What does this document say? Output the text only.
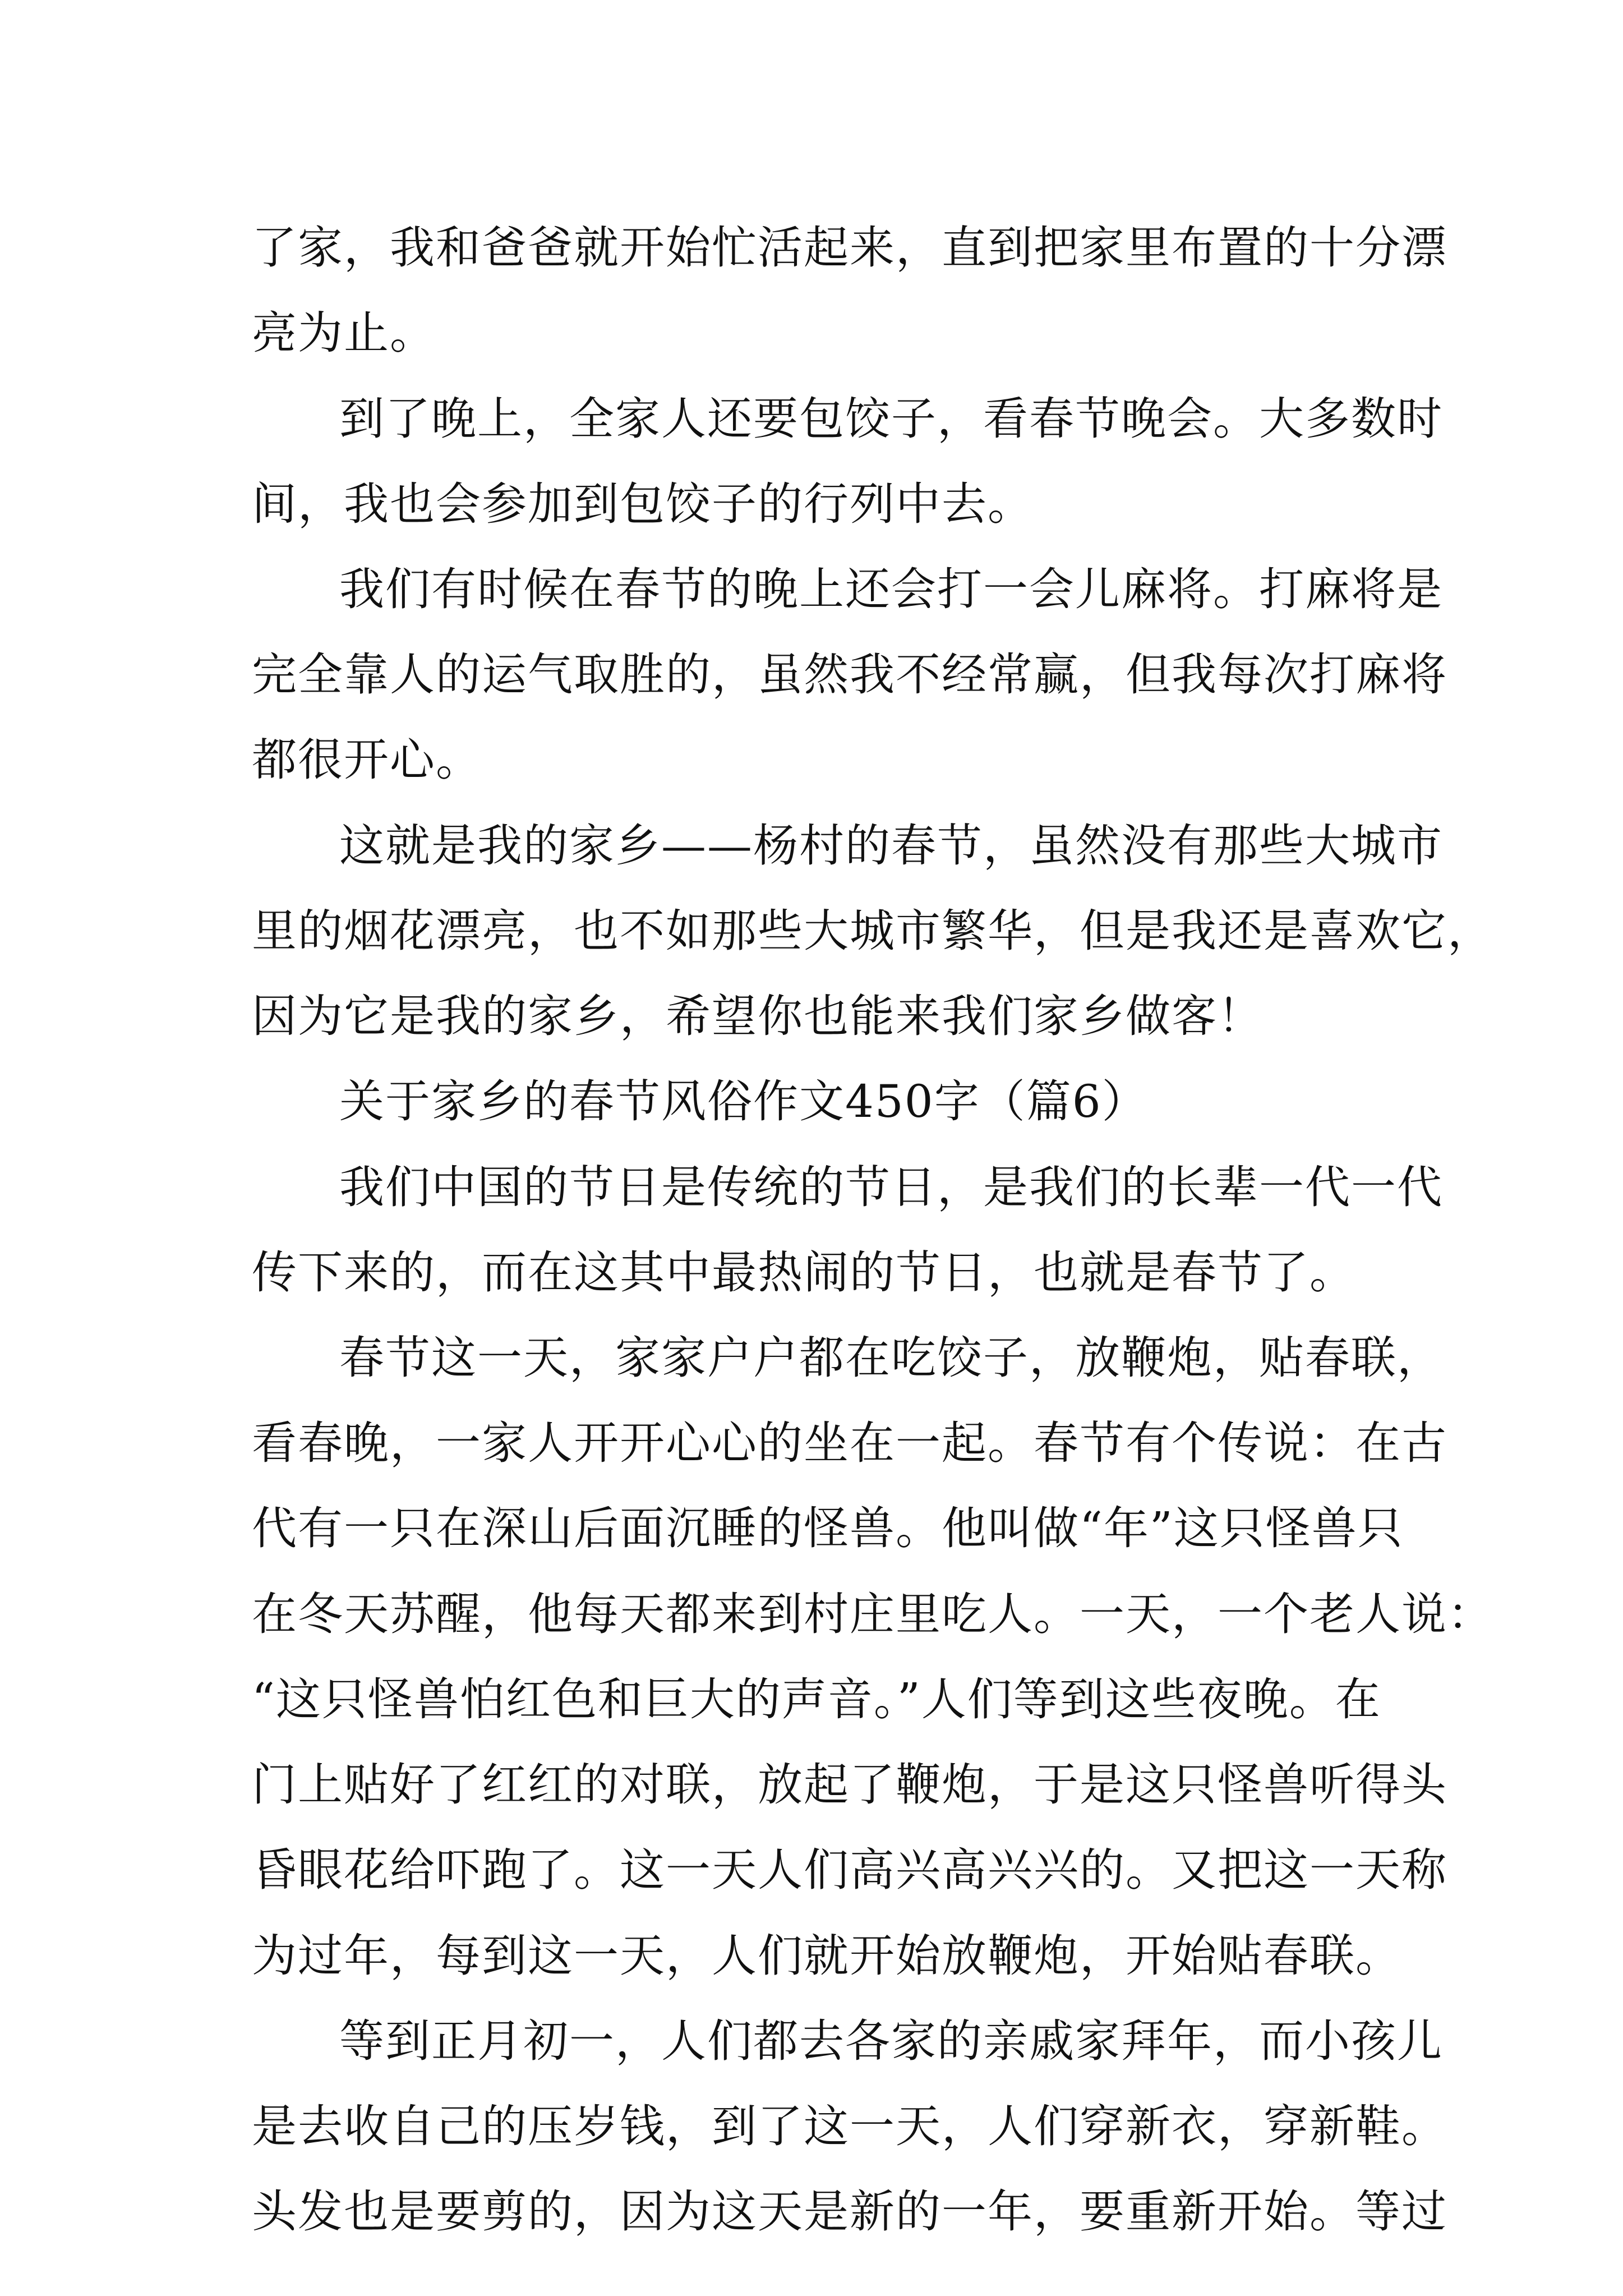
了家，我和爸爸就开始忙活起来，直到把家里布置的十分漂
亮为止。
到了晚上，全家人还要包饺子，看春节晚会。大多数时
间，我也会参加到包饺子的行列中去。
我们有时候在春节的晚上还会打一会儿麻将。打麻将是
完全靠人的运气取胜的，虽然我不经常赢，但我每次打麻将
都很开心。
这就是我的家乡——杨村的春节，虽然没有那些大城市
里的烟花漂亮，也不如那些大城市繁华，但是我还是喜欢它，
因为它是我的家乡，希望你也能来我们家乡做客！
关于家乡的春节风俗作文450字（篇6）
我们中国的节日是传统的节日，是我们的长辈一代一代
传下来的，而在这其中最热闹的节日，也就是春节了。
春节这一天，家家户户都在吃饺子，放鞭炮，贴春联，
看春晚，一家人开开心心的坐在一起。春节有个传说：在古
代有一只在深山后面沉睡的怪兽。他叫做“年”这只怪兽只
在冬天苏醒，他每天都来到村庄里吃人。一天，一个老人说：
“这只怪兽怕红色和巨大的声音。”人们等到这些夜晚。在
门上贴好了红红的对联，放起了鞭炮，于是这只怪兽听得头
昏眼花给吓跑了。这一天人们高兴高兴兴的。又把这一天称
为过年，每到这一天，人们就开始放鞭炮，开始贴春联。
等到正月初一，人们都去各家的亲戚家拜年，而小孩儿
是去收自己的压岁钱，到了这一天，人们穿新衣，穿新鞋。
头发也是要剪的，因为这天是新的一年，要重新开始。等过
